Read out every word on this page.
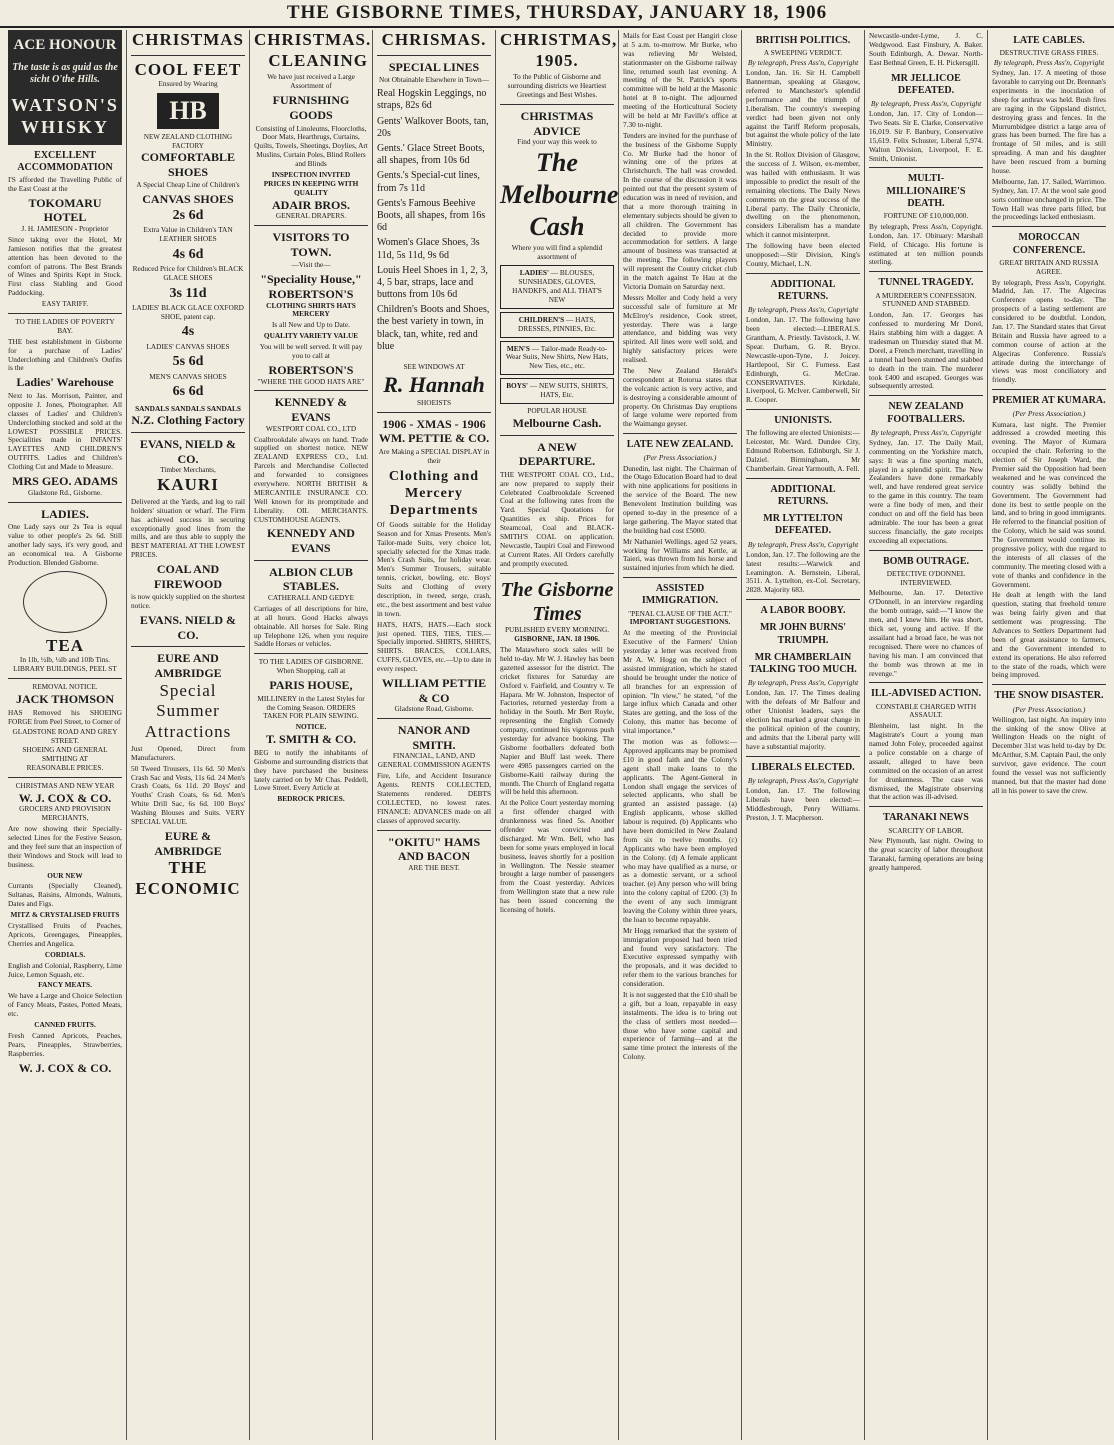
THE GISBORNE TIMES, THURSDAY, JANUARY 18, 1906
ACE HONOUR
The taste is as guid as the sicht O'the Hills.
WATSON'S WHISKY
EXCELLENT ACCOMMODATION

I'S afforded the Travelling Public of the East Coast at the

TOKOMARU HOTEL
J. H. JAMIESON - Proprietor

Since taking over the Hotel, Mr Jamieson notifies that the greatest attention has been devoted to the comfort of patrons. The Best Brands of Wines and Spirits Kept in Stock. First class Stabling and Good Paddocking.

EASY TARIFF.
TO THE LADIES OF POVERTY BAY.

THE best establishment in Gisborne for a purchase of Ladies' Underclothing and Children's Outfits is the

Ladies' Warehouse

Next to Jas. Morrison, Painter, and opposite J. Jones, Photographer. All classes of Ladies' and Children's Underclothing stocked and sold at the LOWEST POSSIBLE PRICES. Specialities made in INFANTS' LAYETTES AND CHILDREN'S OUTFITS. Ladies and Children's Clothing Cut and Made to Measure.

MRS GEO. ADAMS
Gladstone Rd., Gisborne.
LADIES.

One Lady says our 2s Tea is equal value to other people's 2s 6d. Still another lady says, it's very good, and an economical tea. A Gisborne Production. Blended Gisborne.

TEA
In 1lb, ½lb, ¼lb and 10lb Tins. LIBRARY BUILDINGS, PEEL ST
REMOVAL NOTICE.
JACK THOMSON

HAS Removed his SHOEING FORGE from Peel Street, to Corner of

GLADSTONE ROAD AND GREY STREET.
SHOEING AND GENERAL SMITHING AT
REASONABLE PRICES.
CHRISTMAS AND NEW YEAR
W. J. COX & CO.
GROCERS AND PROVISION MERCHANTS,

Are now showing their Specially-selected Lines for the Festive Season, and they feel sure that an inspection of their Windows and Stock will lead to business.

OUR NEW

Currants (Specially Cleaned), Sultanas, Raisins, Almonds, Walnuts, Dates and Figs.

MITZ & CRYSTALISED FRUITS

Crystallised Fruits of Peaches, Apricots, Greengages, Pineapples, Cherries and Angelica.

CORDIALS.

English and Colonial, Raspberry, Lime Juice, Lemon Squash, etc.

FANCY MEATS.

We have a Large and Choice Selection of Fancy Meats, Pastes, Potted Meats, etc.

CANNED FRUITS.

Fresh Canned Apricots, Peaches, Pears, Pineapples, Strawberries, Raspberries.

W. J. COX & CO.
CHRISTMAS
COOL FEET
Ensured by Wearing
HB
NEW ZEALAND CLOTHING FACTORY
COMFORTABLE SHOES

A Special Cheap Line of Children's

CANVAS SHOES
2s 6d

Extra Value in Children's TAN LEATHER SHOES

4s 6d

Reduced Price for Children's BLACK GLACE SHOES

3s 11d

LADIES' BLACK GLACE OXFORD SHOE, patent cap.

4s

LADIES' CANVAS SHOES

5s 6d

MEN'S CANVAS SHOES

6s 6d
SANDALS SANDALS SANDALS
N.Z. Clothing Factory
EVANS, NIELD & CO.
Timber Merchants,
KAURI

Delivered at the Yards, and log to rail holders' situation or wharf. The Firm has achieved success in securing exceptionally good lines from the mills, and are thus able to supply the BEST MATERIAL AT THE LOWEST PRICES.

COAL AND FIREWOOD

is now quickly supplied on the shortest notice.

EVANS. NIELD & CO.
EURE AND AMBRIDGE
Special
Summer
Attractions

Just Opened, Direct from Manufacturers.

50 Tweed Trousers, 11s 6d. 50 Men's Crash Sac and Vests, 11s 6d. 24 Men's Crash Coats, 6s 11d. 20 Boys' and Youths' Crash Coats, 6s 6d. Men's White Drill Sac, 6s 6d. 100 Boys' Washing Blouses and Suits. VERY SPECIAL VALUE.

EURE & AMBRIDGE
THE ECONOMIC
CHRISTMAS.
CLEANING

We have just received a Large Assortment of

FURNISHING GOODS

Consisting of Linoleums, Floorcloths, Door Mats, Hearthrugs, Curtains, Quilts, Towels, Sheetings, Doylies, Art Muslins, Curtain Poles, Blind Rollers and Blinds

INSPECTION INVITED
PRICES IN KEEPING WITH QUALITY
ADAIR BROS.
GENERAL DRAPERS.
VISITORS TO TOWN.

—Visit the—

"Speciality House,"
ROBERTSON'S
CLOTHING SHIRTS HATS MERCERY

Is all New and Up to Date.

QUALITY VARIETY VALUE

You will be well served. It will pay you to call at

ROBERTSON'S
"WHERE THE GOOD HATS ARE"
KENNEDY & EVANS
WESTPORT COAL CO., LTD

Coalbrookdale always on hand. Trade supplied on shortest notice. NEW ZEALAND EXPRESS CO., Ltd. Parcels and Merchandise Collected and forwarded to consignees everywhere. NORTH BRITISH & MERCANTILE INSURANCE CO. Well known for its promptitude and Liberality. OIL MERCHANTS. CUSTOMHOUSE AGENTS.

KENNEDY AND EVANS
ALBION CLUB STABLES.
CATHERALL AND GEDYE

Carriages of all descriptions for hire, at all hours. Good Hacks always obtainable. All horses for Sale. Ring up Telephone 126, when you require Saddle Horses or vehicles.

TO THE LADIES OF GISBORNE. When Shopping, call at

PARIS HOUSE,

MILLINERY in the Latest Styles for the Coming Season. ORDERS TAKEN FOR PLAIN SEWING.

NOTICE.
T. SMITH & CO.

BEG to notify the inhabitants of Gisborne and surrounding districts that they have purchased the business lately carried on by Mr Chas. Peddell, Lowe Street. Every Article at

BEDROCK PRICES.
CHRISMAS.
SPECIAL LINES

Not Obtainable Elsewhere in Town—

Real Hogskin Leggings, no straps, 82s 6d
Gents' Walkover Boots, tan, 20s
Gents.' Glace Street Boots, all shapes, from 10s 6d
Gents.'s Special-cut lines, from 7s 11d
Gents's Famous Beehive Boots, all shapes, from 16s 6d
Women's Glace Shoes, 3s 11d, 5s 11d, 9s 6d
Louis Heel Shoes in 1, 2, 3, 4, 5 bar, straps, lace and buttons from 10s 6d
Children's Boots and Shoes, the best variety in town, in black, tan, white, red and blue
SEE WINDOWS AT
R. Hannah
SHOEISTS
1906 - XMAS - 1906
WM. PETTIE & CO.

Are Making a SPECIAL DISPLAY in their

Clothing and Mercery Departments

Of Goods suitable for the Holiday Season and for Xmas Presents. Men's Tailor-made Suits, very choice lot, specially selected for the Xmas trade. Men's Crash Suits, for holiday wear. Men's Summer Trousers, suitable tennis, cricket, bowling, etc. Boys' Suits and Clothing of every description, in tweed, serge, crash, etc., the best assortment and best value in town.

HATS, HATS, HATS.—Each stock just opened. TIES, TIES, TIES.—Specially imported. SHIRTS, SHIRTS, SHIRTS. BRACES, COLLARS, CUFFS, GLOVES, etc.—Up to date in every respect.

WILLIAM PETTIE & CO
Gladstone Road, Gisborne.
NANOR AND SMITH.
FINANCIAL, LAND, AND GENERAL COMMISSION AGENTS

Fire, Life, and Accident Insurance Agents. RENTS COLLECTED, Statements rendered. DEBTS COLLECTED, no lowest rates. FINANCE: ADVANCES made on all classes of approved security.

"OKITU" HAMS AND BACON
ARE THE BEST.
CHRISTMAS, 1905.

To the Public of Gisborne and surrounding districts we Heartiest Greetings and Best Wishes.

CHRISTMAS ADVICE
Find your way this week to
The
Melbourne
Cash

Where you will find a splendid assortment of

LADIES' — BLOUSES, SUNSHADES, GLOVES, HANDKFS, and ALL THAT'S NEW
CHILDREN'S — HATS, DRESSES, PINNIES, Etc.
MEN'S — Tailor-made Ready-to-Wear Suits, New Shirts, New Hats, New Ties, etc., etc.
BOYS' — NEW SUITS, SHIRTS, HATS, Etc.
POPULAR HOUSE
Melbourne Cash.
A NEW DEPARTURE.

THE WESTPORT COAL CO., Ltd., are now prepared to supply their Celebrated Coalbrookdale Screened Coal at the following rates from the Yard. Special Quotations for Quantities ex ship. Prices for Steamcoal, Coal and BLACK-SMITH'S COAL on application. Newcastle, Taupiri Coal and Firewood at Current Rates. All Orders carefully and promptly executed.

The Gisborne Times
PUBLISHED EVERY MORNING.
GISBORNE, JAN. 18 1906.

The Matawhero stock sales will be held to-day. Mr W. J. Hawley has been gazetted assessor for the district. The cricket fixtures for Saturday are Oxford v. Fairfield, and Country v. Te Hapara. Mr W. Johnston, Inspector of Factories, returned yesterday from a holiday in the South. Mr Bert Royle, representing the English Comedy company, continued his vigorous push yesterday for advance booking. The Gisborne footballers defeated both Napier and Bluff last week. There were 4985 passengers carried on the Gisborne-Kaiti railway during the month. The Church of England regatta will be held this afternoon.

At the Police Court yesterday morning a first offender charged with drunkenness was fined 5s. Another offender was convicted and discharged. Mr Wm. Bell, who has been for some years employed in local business, leaves shortly for a position in Wellington. The Nessie steamer brought a large number of passengers from the Coast yesterday. Advices from Wellington state that a new rule has been issued concerning the licensing of hotels.

Mails for East Coast per Hangiri close at 5 a.m. to-morrow. Mr Burke, who was relieving Mr Welsted, stationmaster on the Gisborne railway line, returned south last evening. A meeting of the St. Patrick's sports committee will be held at the Masonic hotel at 8 to-night. The adjourned meeting of the Horticultural Society will be held at Mr Faville's office at 7.30 to-night.

Tenders are invited for the purchase of the business of the Gisborne Supply Co. Mr Burke had the honor of winning one of the prizes at Christchurch. The hall was crowded. In the course of the discussion it was pointed out that the present system of education was in need of revision, and that a more thorough training in elementary subjects should be given to all children. The Government has decided to provide more accommodation for settlers. A large amount of business was transacted at the meeting. The following players will represent the County cricket club in the match against Te Hau at the Victoria Domain on Saturday next.

Messrs Moller and Cody held a very successful sale of furniture at Mr McElroy's residence, Cook street, yesterday. There was a large attendance, and bidding was very spirited. All lines were well sold, and highly satisfactory prices were realised.

The New Zealand Herald's correspondent at Rotorua states that the volcanic action is very active, and is destroying a considerable amount of property. On Christmas Day eruptions of large volume were reported from the Waimangu geyser.

LATE NEW ZEALAND.
(Per Press Association.)

Dunedin, last night. The Chairman of the Otago Education Board had to deal with nine applications for positions in the service of the Board. The new Benevolent Institution building was opened to-day in the presence of a large gathering. The Mayor stated that the building had cost £5000.

Mr Nathaniel Wellings, aged 52 years, working for Williams and Kettle, at Taieri, was thrown from his horse and sustained injuries from which he died.

ASSISTED IMMIGRATION.
"PENAL CLAUSE OF THE ACT."
IMPORTANT SUGGESTIONS.

At the meeting of the Provincial Executive of the Farmers' Union yesterday a letter was received from Mr A. W. Hogg on the subject of assisted immigration, which he stated should be brought under the notice of all branches for an expression of opinion. "In view," he stated, "of the large influx which Canada and other States are getting, and the loss of the Colony, this matter has become of vital importance."

The motion was as follows:—Approved applicants may be promised £10 in good faith and the Colony's agent shall make loans to the applicants. The Agent-General in London shall engage the services of selected applicants, who shall be granted an assisted passage. (a) English applicants, whose skilled labour is required. (b) Applicants who have been domiciled in New Zealand from six to twelve months. (c) Applicants who have been employed in the Colony. (d) A female applicant who may have qualified as a nurse, or as a domestic servant, or a school teacher. (e) Any person who will bring into the colony capital of £200. (3) In the event of any such immigrant leaving the Colony within three years, the loan to become repayable.

Mr Hogg remarked that the system of immigration proposed had been tried and found very satisfactory. The Executive expressed sympathy with the proposals, and it was decided to refer them to the various branches for consideration.

It is not suggested that the £10 shall be a gift, but a loan, repayable in easy instalments. The idea is to bring out the class of settlers most needed—those who have some capital and experience of farming—and at the same time protect the interests of the Colony.

BRITISH POLITICS.
A SWEEPING VERDICT.
By telegraph, Press Ass'n, Copyright

London, Jan. 16. Sir H. Campbell Bannerman, speaking at Glasgow, referred to Manchester's splendid performance and the triumph of Liberalism. The country's sweeping verdict had been given not only against the Tariff Reform proposals, but against the whole policy of the late Ministry.

In the St. Rollox Division of Glasgow, the success of J. Wilson, ex-member, was hailed with enthusiasm. It was impossible to predict the result of the remaining elections. The Daily News comments on the great success of the Liberal party. The Daily Chronicle, dwelling on the phenomenon, considers Liberalism has a mandate which it cannot misinterpret.

The following have been elected unopposed:—Stir Division, King's County, Michael, L.N.

ADDITIONAL RETURNS.
By telegraph, Press Ass'n, Copyright

London, Jan. 17. The following have been elected:—LIBERALS. Grantham, A. Priestly. Tavistock, J. W. Spear. Durham, G. R. Bryce. Newcastle-upon-Tyne, J. Joicey. Hartlepool, Sir C. Furness. East Edinburgh, G. McCrae. CONSERVATIVES. Kirkdale, Liverpool, G. McIver. Camberwell, Sir R. Cooper.

UNIONISTS.

The following are elected Unionists:—Leicester, Mr. Ward. Dundee City, Edmund Robertson. Edinburgh, Sir J. Dalziel. Birmingham, Mr Chamberlain. Great Yarmouth, A. Fell.

ADDITIONAL RETURNS.
MR LYTTELTON DEFEATED.
By telegraph, Press Ass'n, Copyright

London, Jan. 17. The following are the latest results:—Warwick and Leamington. A. Bernstein, Liberal, 3511. A. Lyttelton, ex-Col. Secretary, 2828. Majority 683.

A LABOR BOOBY.
MR JOHN BURNS' TRIUMPH.
MR CHAMBERLAIN TALKING TOO MUCH.
By telegraph, Press Ass'n, Copyright

London, Jan. 17. The Times dealing with the defeats of Mr Balfour and other Unionist leaders, says the election has marked a great change in the political opinion of the country, and admits that the Liberal party will have a substantial majority.

LIBERALS ELECTED.
By telegraph, Press Ass'n, Copyright

London, Jan. 17. The following Liberals have been elected:—Middlesbrough, Penry Williams. Preston, J. T. Macpherson.

Newcastle-under-Lyme, J. C. Wedgwood. East Finsbury, A. Baker. South Edinburgh, A. Dewar. North-East Bethnal Green, E. H. Pickersgill.

MR JELLICOE DEFEATED.
By telegraph, Press Ass'n, Copyright

London, Jan. 17. City of London—Two Seats. Sir E. Clarke, Conservative 16,019. Sir F. Banbury, Conservative 15,619. Felix Schuster, Liberal 5,974. Walton Division, Liverpool, F. E. Smith, Unionist.

MULTI-MILLIONAIRE'S DEATH.
FORTUNE OF £10,000,000.

By telegraph, Press Ass'n, Copyright. London, Jan. 17. Obituary: Marshall Field, of Chicago. His fortune is estimated at ten million pounds sterling.

TUNNEL TRAGEDY.
A MURDERER'S CONFESSION.
STUNNED AND STABBED.

London, Jan. 17. Georges has confessed to murdering Mr Dorel, Hairs stabbing him with a dagger. A tradesman on Thursday stated that M. Dorel, a French merchant, travelling in a tunnel had been stunned and stabbed to death in the train. The murderer took £400 and escaped. Georges was subsequently arrested.

NEW ZEALAND FOOTBALLERS.
By telegraph, Press Ass'n, Copyright

Sydney, Jan. 17. The Daily Mail, commenting on the Yorkshire match, says: It was a fine sporting match, played in a splendid spirit. The New Zealanders have done remarkably well, and have rendered great service to the game in this country. The team were a fine body of men, and their conduct on and off the field has been admirable. The tour has been a great success financially, the gate receipts exceeding all expectations.

BOMB OUTRAGE.
DETECTIVE O'DONNEL INTERVIEWED.

Melbourne, Jan. 17. Detective O'Donnell, in an interview regarding the bomb outrage, said:—"I know the men, and I knew him. He was short, thick set, young and active. If the assailant had a broad face, he was not recognised. There were no chances of having his man. I am convinced that the bomb was thrown at me in revenge."

ILL-ADVISED ACTION.
CONSTABLE CHARGED WITH ASSAULT.

Blenheim, last night. In the Magistrate's Court a young man named John Foley, proceeded against a police constable on a charge of assault, alleged to have been committed on the occasion of an arrest for drunkenness. The case was dismissed, the Magistrate observing that the action was ill-advised.

TARANAKI NEWS
SCARCITY OF LABOR.

New Plymouth, last night. Owing to the great scarcity of labor throughout Taranaki, farming operations are being greatly hampered.

LATE CABLES.
DESTRUCTIVE GRASS FIRES.
By telegraph, Press Ass'n, Copyright

Sydney, Jan. 17. A meeting of those favorable to carrying out Dr. Brennan's experiments in the inoculation of sheep for anthrax was held. Bush fires are raging in the Gippsland district, destroying grass and fences. In the Murrumbidgee district a large area of grass has been burned. The fire has a frontage of 50 miles, and is still spreading. A man and his daughter have been rescued from a burning house.

Melbourne, Jan. 17. Sailed, Warrimoo. Sydney, Jan. 17. At the wool sale good sorts continue unchanged in price. The Town Hall was three parts filled, but the proceedings lacked enthusiasm.

MOROCCAN CONFERENCE.
GREAT BRITAIN AND RUSSIA AGREE.

By telegraph, Press Ass'n, Copyright. Madrid, Jan. 17. The Algeciras Conference opens to-day. The prospects of a lasting settlement are considered to be doubtful. London, Jan. 17. The Standard states that Great Britain and Russia have agreed to a common course of action at the Algeciras Conference. Russia's attitude during the interchange of views was most conciliatory and friendly.

PREMIER AT KUMARA.
(Per Press Association.)

Kumara, last night. The Premier addressed a crowded meeting this evening. The Mayor of Kumara occupied the chair. Referring to the election of Sir Joseph Ward, the Premier said the Opposition had been weakened and he was convinced the country was solidly behind the Government. The Government had done its best to settle people on the land, and to bring in good immigrants. He referred to the financial position of the Colony, which he said was sound. The Government would continue its progressive policy, with due regard to the interests of all classes of the community. The meeting closed with a vote of thanks and confidence in the Government.

He dealt at length with the land question, stating that freehold tenure was being fairly given and that settlement was progressing. The Advances to Settlers Department had been of great assistance to farmers, and the Government intended to extend its operations. He also referred to the state of the roads, which were being improved.

THE SNOW DISASTER.
(Per Press Association.)

Wellington, last night. An inquiry into the sinking of the snow Olive at Wellington Heads on the night of December 31st was held to-day by Dr. McArthur, S.M. Captain Paul, the only survivor, gave evidence. The court found the vessel was not sufficiently manned, but that the master had done all in his power to save the crew.
